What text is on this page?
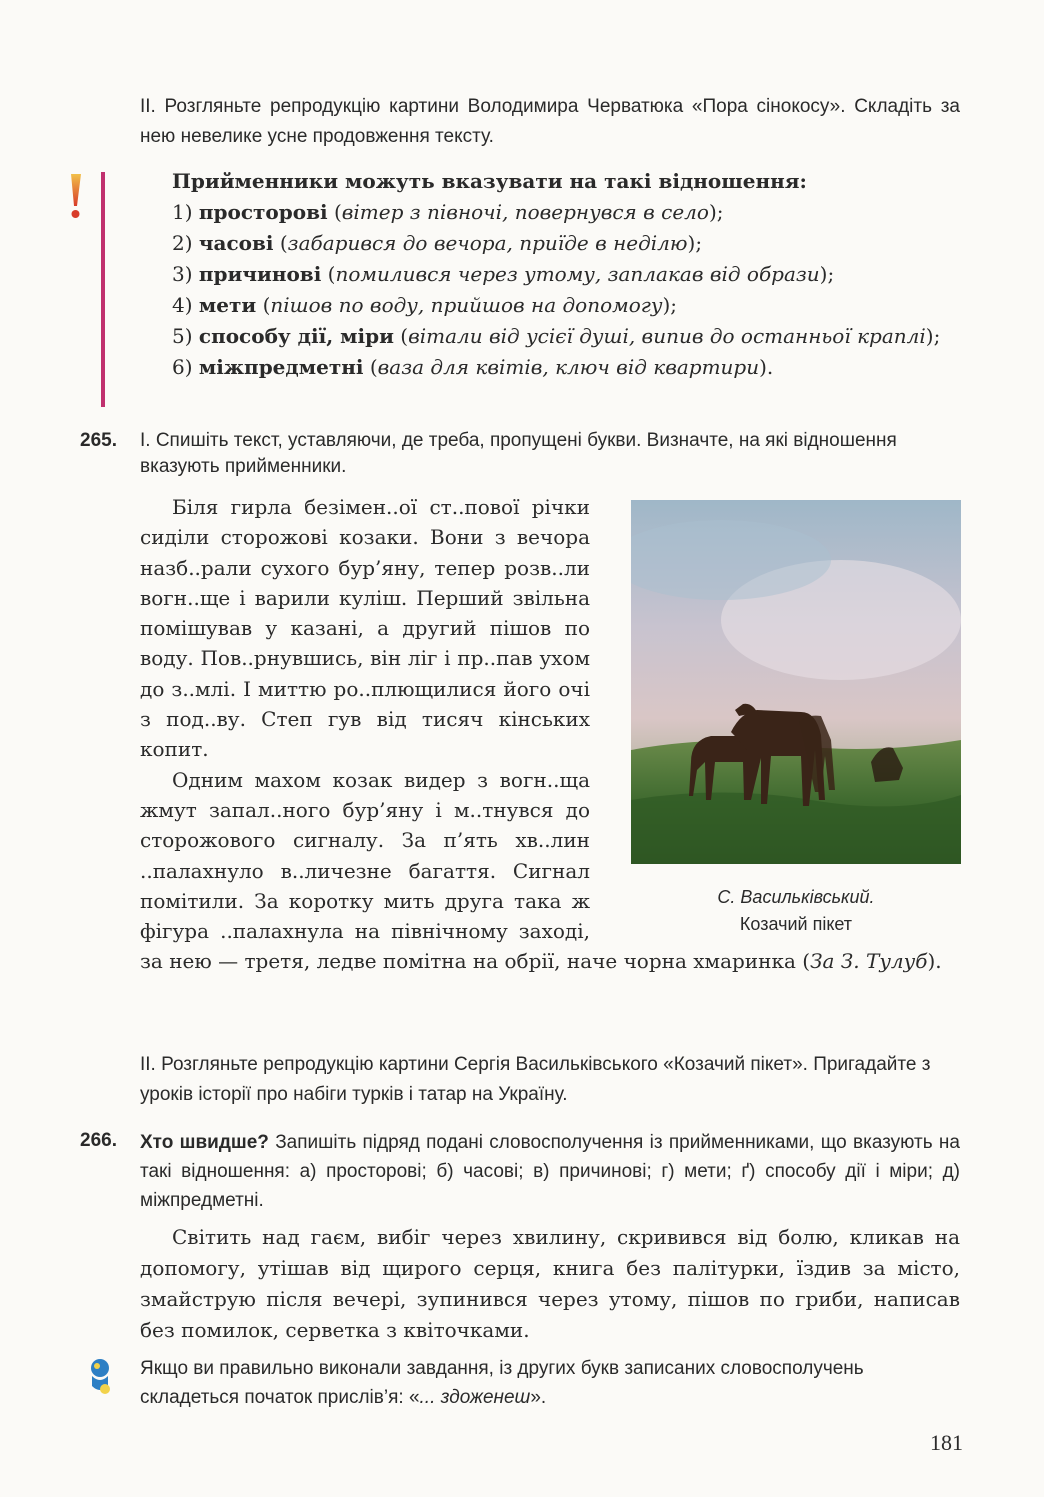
II. Розгляньте репродукцію картини Володимира Черватюка «Пора сінокосу». Складіть за нею невелике усне продовження тексту.
Прийменники можуть вказувати на такі відношення:
1) просторові (вітер з півночі, повернувся в село);
2) часові (забарився до вечора, приїде в неділю);
3) причинові (помилився через утому, заплакав від образи);
4) мети (пішов по воду, прийшов на допомогу);
5) способу дії, міри (вітали від усієї душі, випив до останньої краплі);
6) міжпредметні (ваза для квітів, ключ від квартири).
265. I. Спишіть текст, уставляючи, де треба, пропущені букви. Визначте, на які відношення вказують прийменники.

Біля гирла безімен..ої ст..пової річки сиділи сторожові козаки. Вони з вечора назб..рали сухого бур’яну, тепер розв..ли вогн..ще і варили куліш. Перший звільна помішував у казані, а другий пішов по воду. Пов..рнувшись, він ліг і пр..пав ухом до з..млі. І миттю ро..плющилися його очі з под..ву. Степ гув від тисяч кінських копит.

Одним махом козак видер з вогн..ща жмут запал..ного бур’яну і м..тнувся до сторожового сигналу. За п’ять хв..лин ..палахнуло в..личезне багаття. Сигнал помітили. За коротку мить друга така ж фігура ..палахнула на північному заході, за нею — третя, ледве помітна на обрії, наче чорна хмаринка (За З. Тулуб).

С. Васильківський.
Козачий пікет
II. Розгляньте репродукцію картини Сергія Васильківського «Козачий пікет». Пригадайте з уроків історії про набіги турків і татар на Україну.
266. Хто швидше? Запишіть підряд подані словосполучення із прийменниками, що вказують на такі відношення: а) просторові; б) часові; в) причинові; г) мети; ґ) способу дії і міри; д) міжпредметні.

Світить над гаєм, вибіг через хвилину, скривився від болю, кликав на допомогу, утішав від щирого серця, книга без палітурки, їздив за місто, змайструю після вечері, зупинився через утому, пішов по гриби, написав без помилок, серветка з квіточками.

Якщо ви правильно виконали завдання, із других букв записаних словосполучень складеться початок прислів’я: «... здоженеш».
181
